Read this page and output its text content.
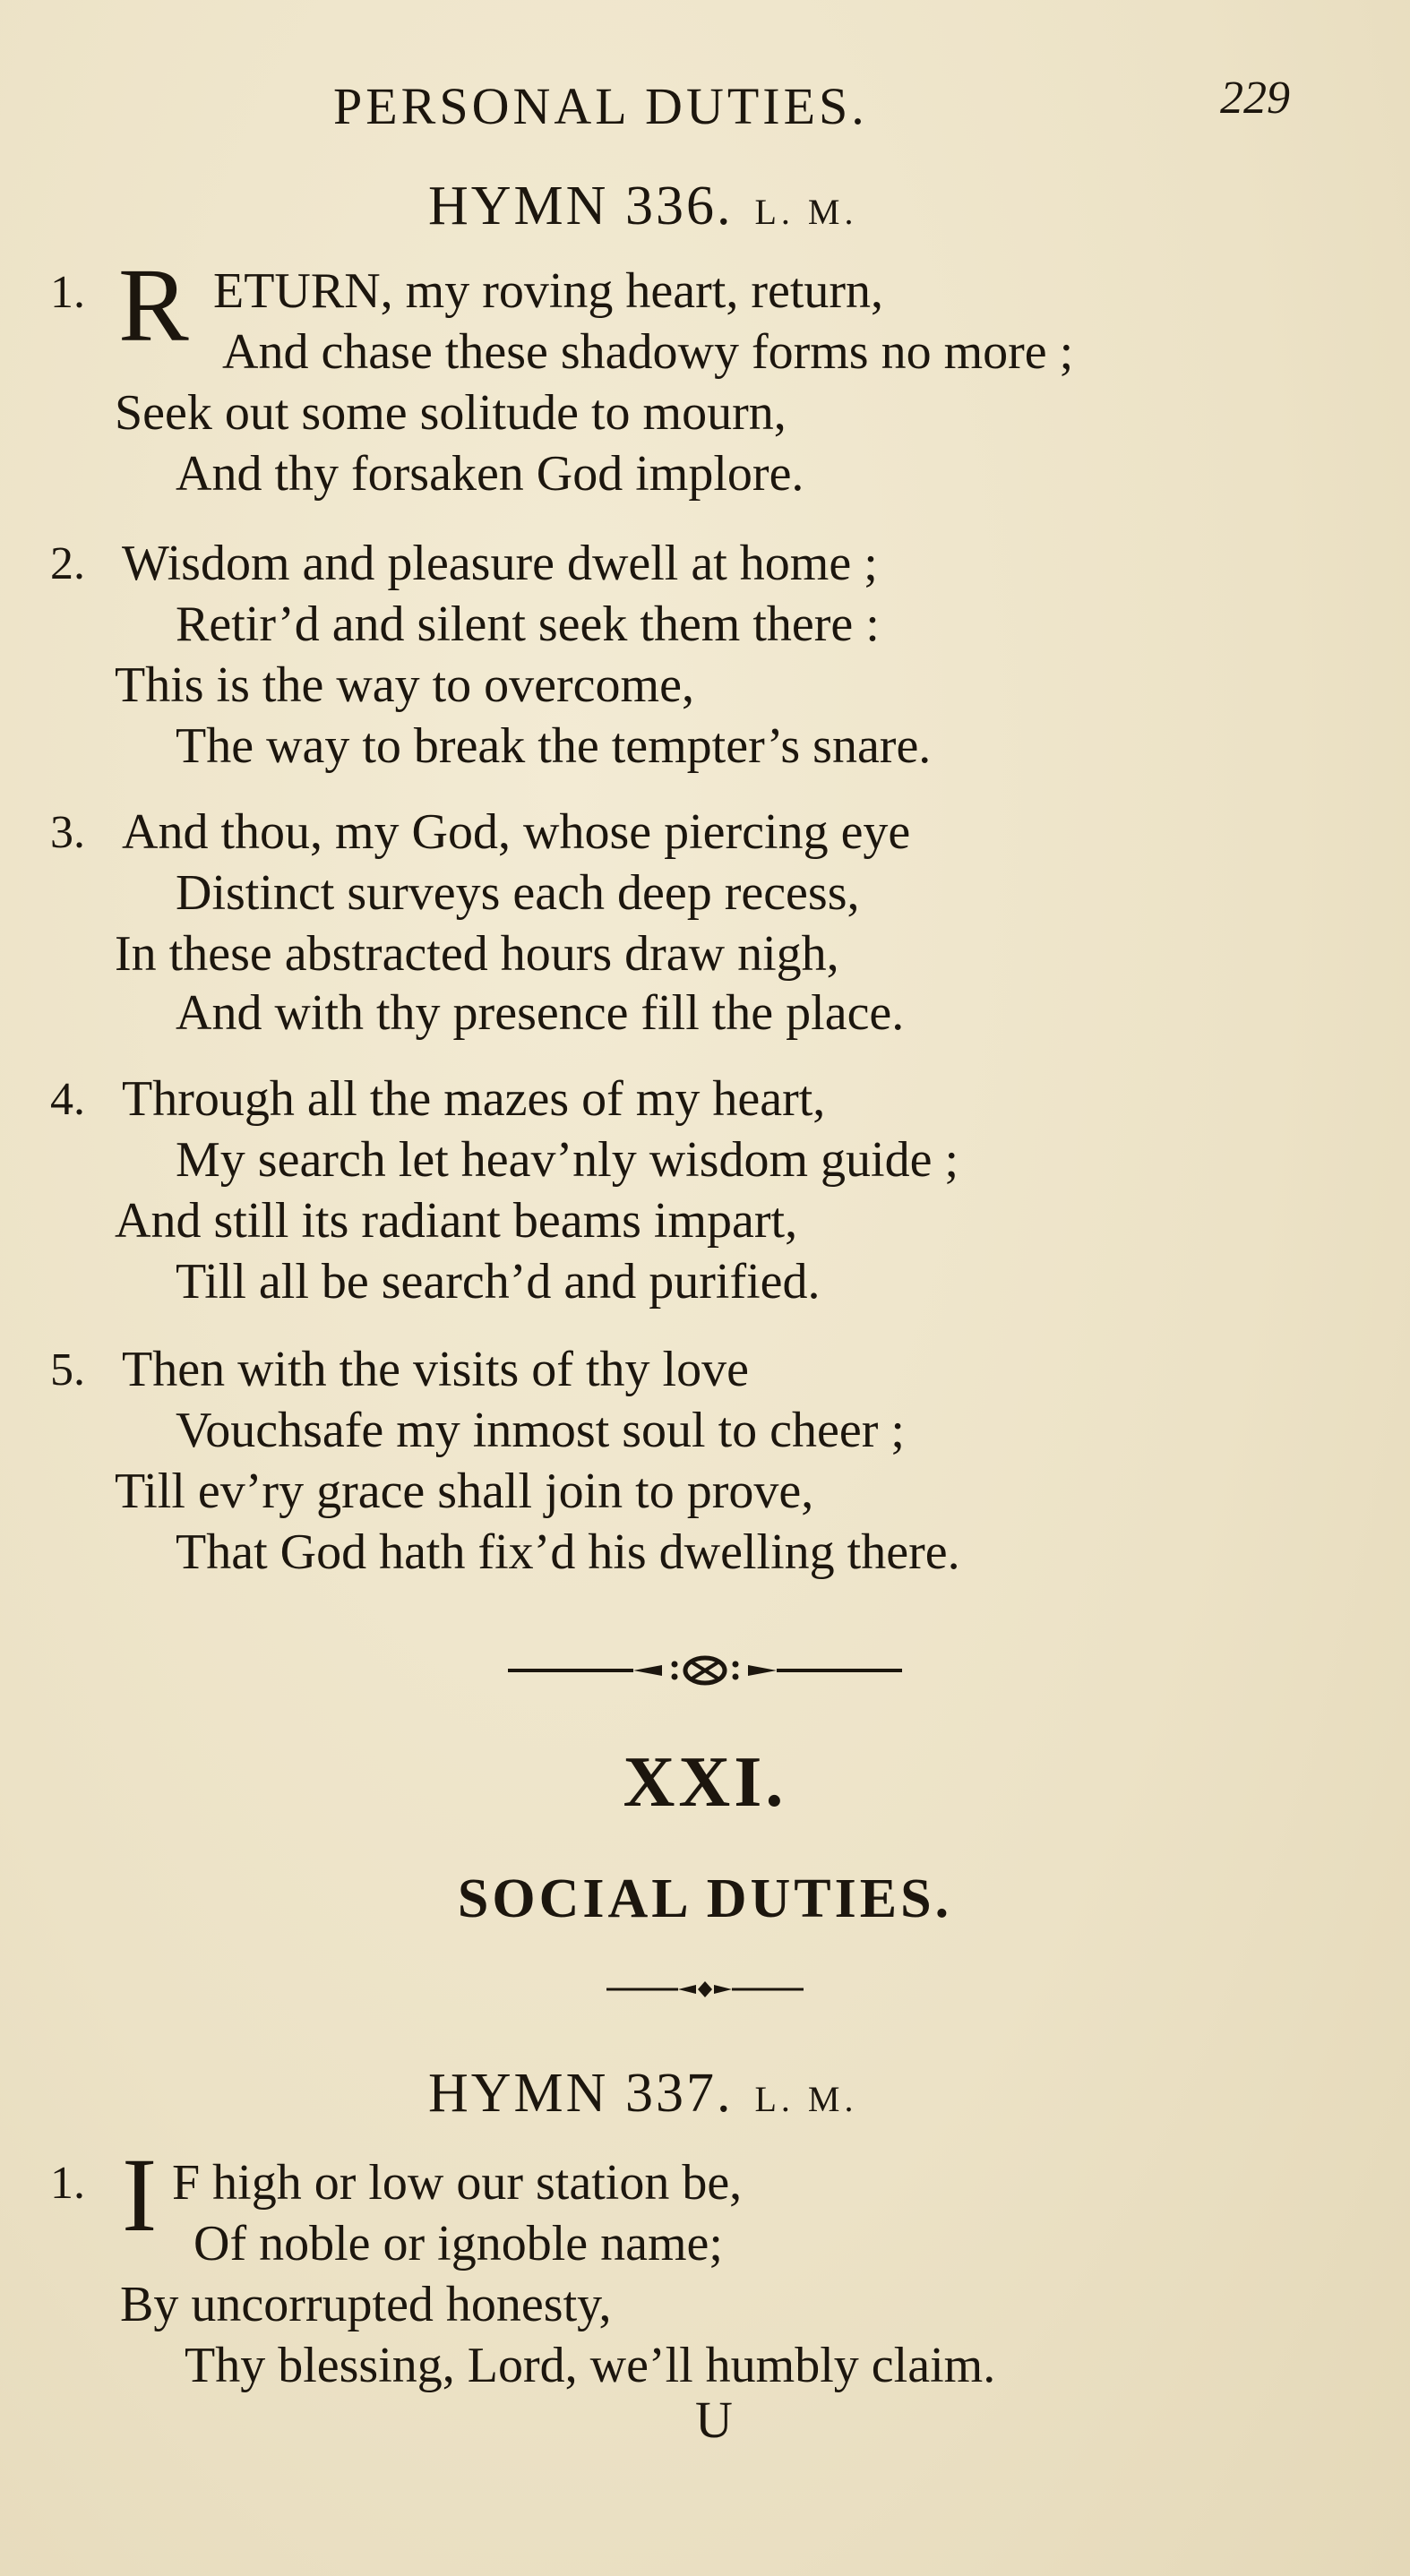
PERSONAL DUTIES.	229
HYMN 336. L. M.
1. R ETURN, my roving heart, return,
And chase these shadowy forms no more ;
Seek out some solitude to mourn,
And thy forsaken God implore.
2. Wisdom and pleasure dwell at home ;
Retir’d and silent seek them there :
This is the way to overcome,
The way to break the tempter’s snare.
3. And thou, my God, whose piercing eye
Distinct surveys each deep recess,
In these abstracted hours draw nigh,
And with thy presence fill the place.
4. Through all the mazes of my heart,
My search let heav’nly wisdom guide ;
And still its radiant beams impart,
Till all be search’d and purified.
5. Then with the visits of thy love
Vouchsafe my inmost soul to cheer ;
Till ev’ry grace shall join to prove,
That God hath fix’d his dwelling there.
XXI.
SOCIAL DUTIES.
HYMN 337. L. M.
1. I F high or low our station be,
Of noble or ignoble name;
By uncorrupted honesty,
Thy blessing, Lord, we’ll humbly claim.
U
